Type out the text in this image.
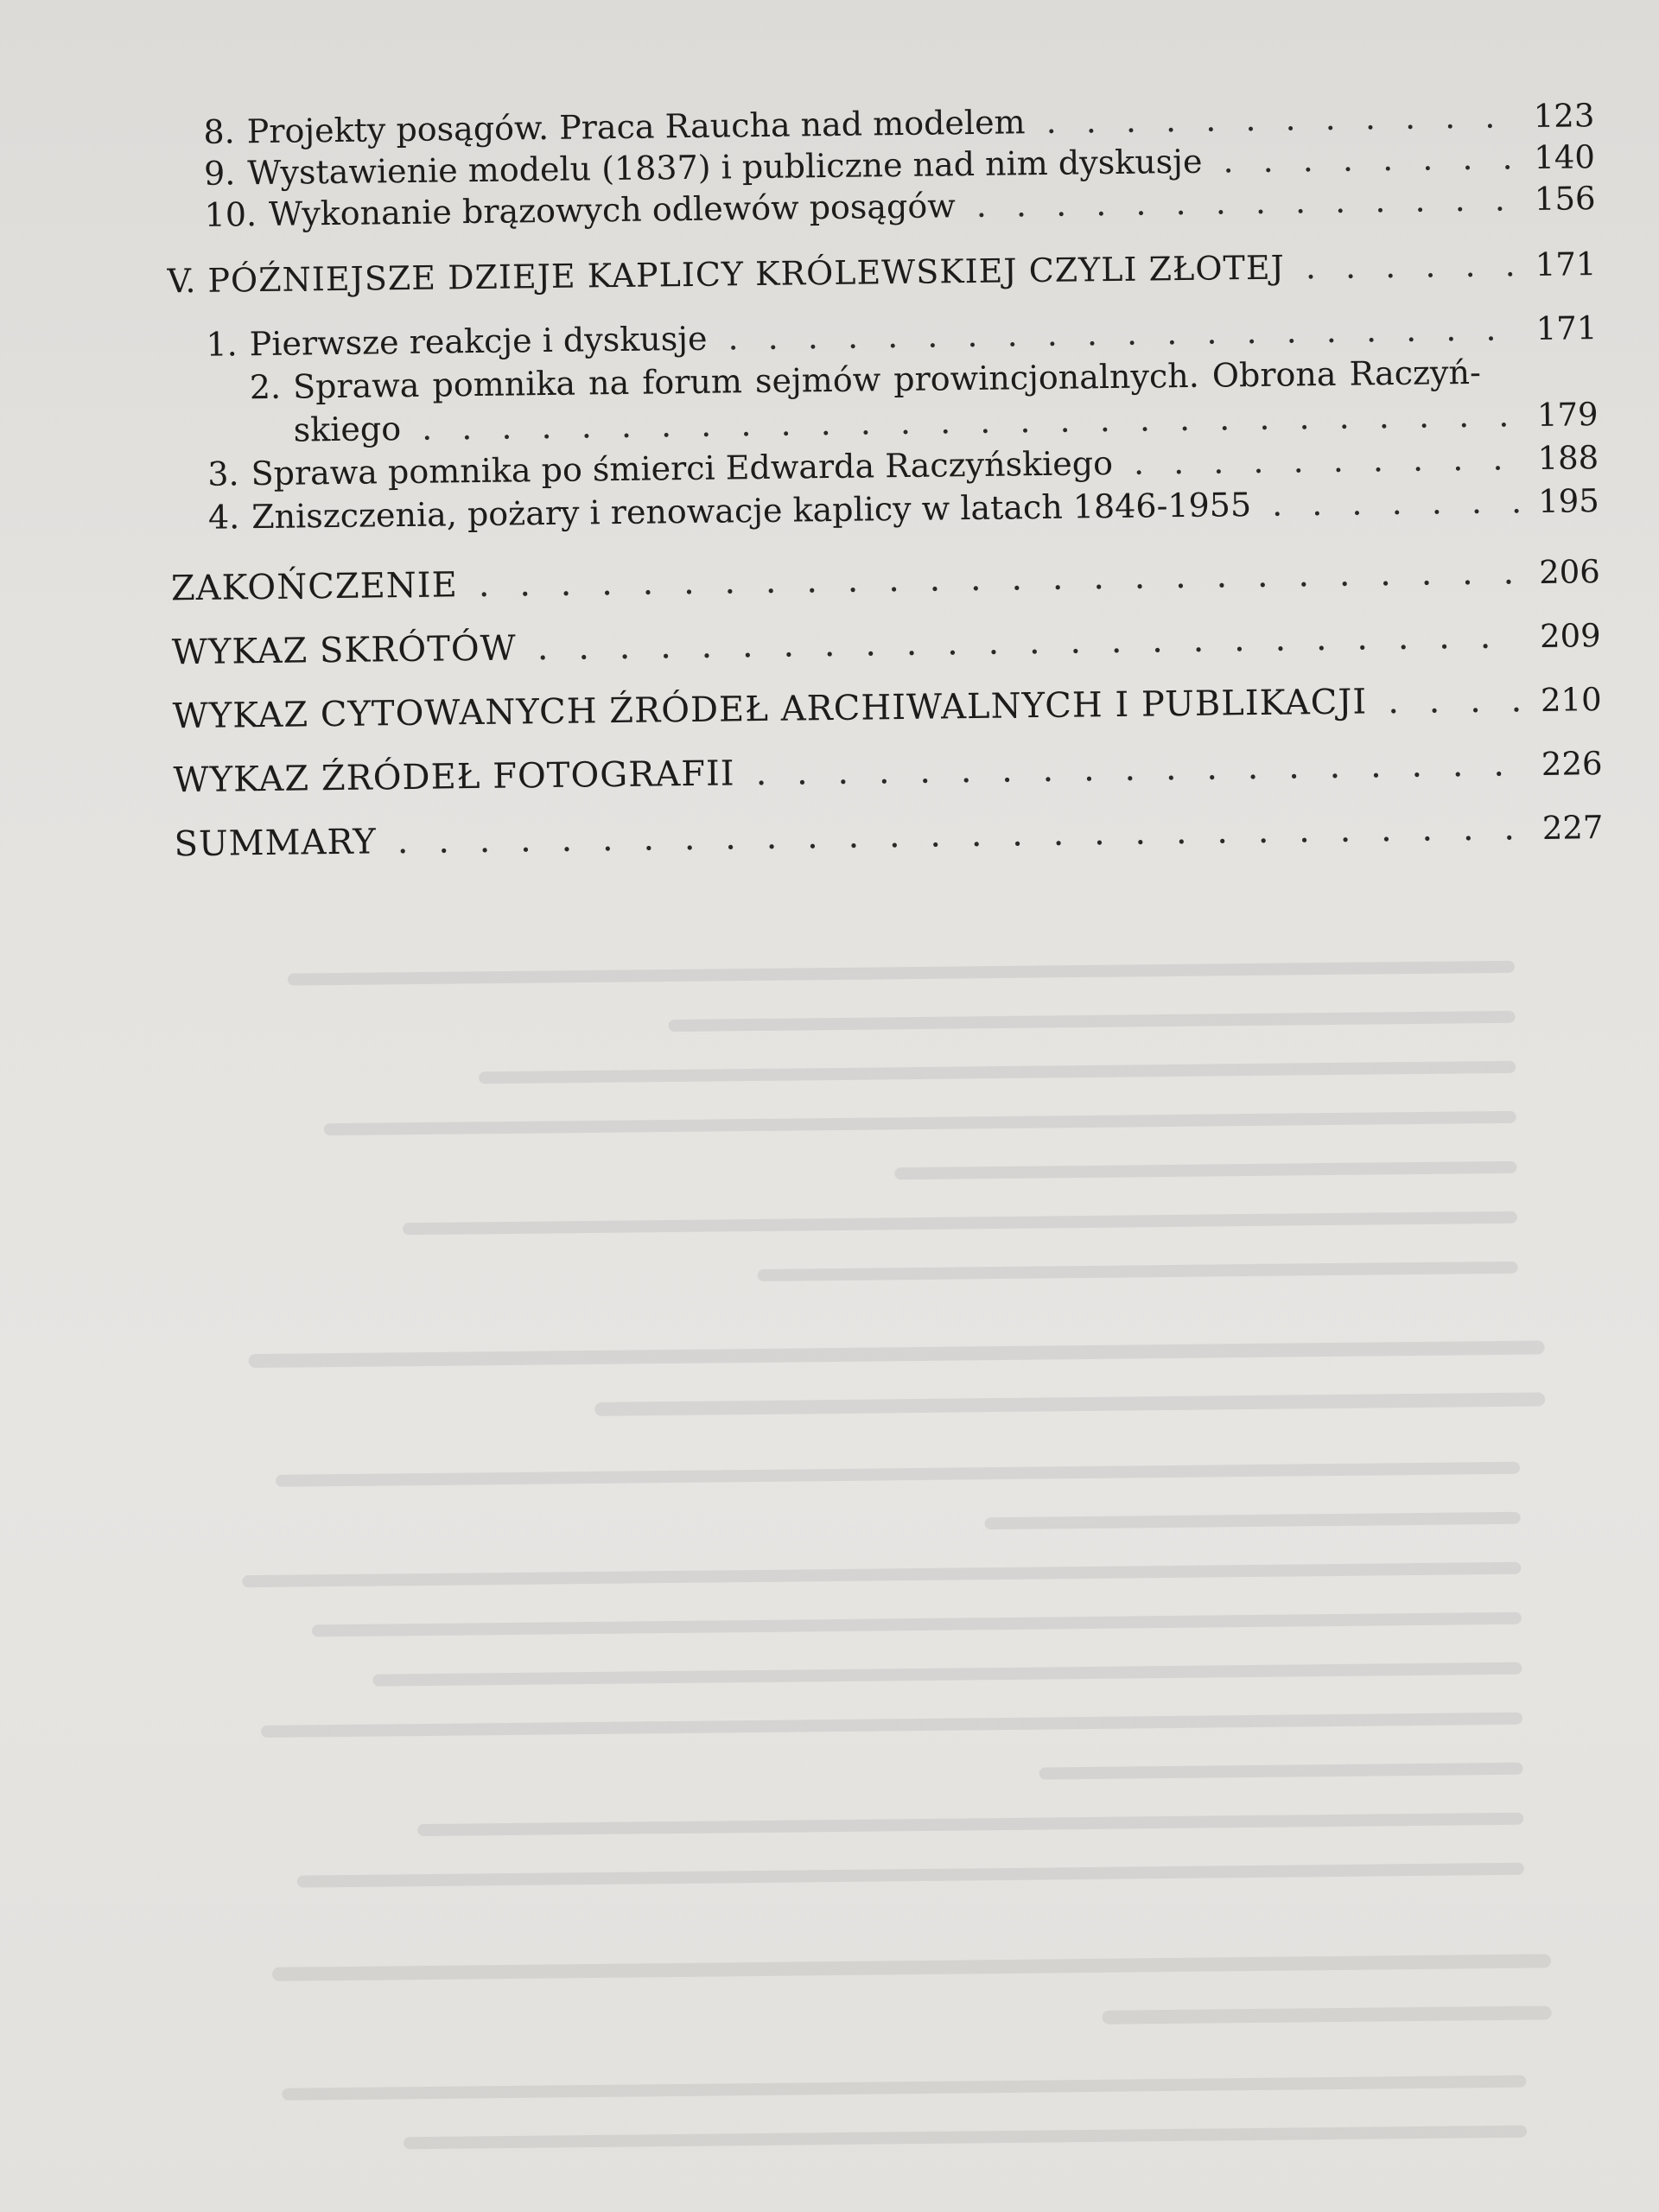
8. Projekty posągów. Praca Raucha nad modelem . . .	123
9. Wystawienie modelu (1837) i publiczne nad nim dyskusje . . .	140
10. Wykonanie brązowych odlewów posągów . . .	156
V. PÓŹNIEJSZE DZIEJE KAPLICY KRÓLEWSKIEJ CZYLI ZŁOTEJ . . .	171
1. Pierwsze reakcje i dyskusje . . .	171
2. Sprawa pomnika na forum sejmów prowincjonalnych. Obrona Raczyń-
skiego . . .	179
3. Sprawa pomnika po śmierci Edwarda Raczyńskiego . . .	188
4. Zniszczenia, pożary i renowacje kaplicy w latach 1846-1955 . . .	195
ZAKOŃCZENIE . . .	206
WYKAZ SKRÓTÓW . . .	209
WYKAZ CYTOWANYCH ŹRÓDEŁ ARCHIWALNYCH I PUBLIKACJI . . .	210
WYKAZ ŹRÓDEŁ FOTOGRAFII . . .	226
SUMMARY . . .	227
